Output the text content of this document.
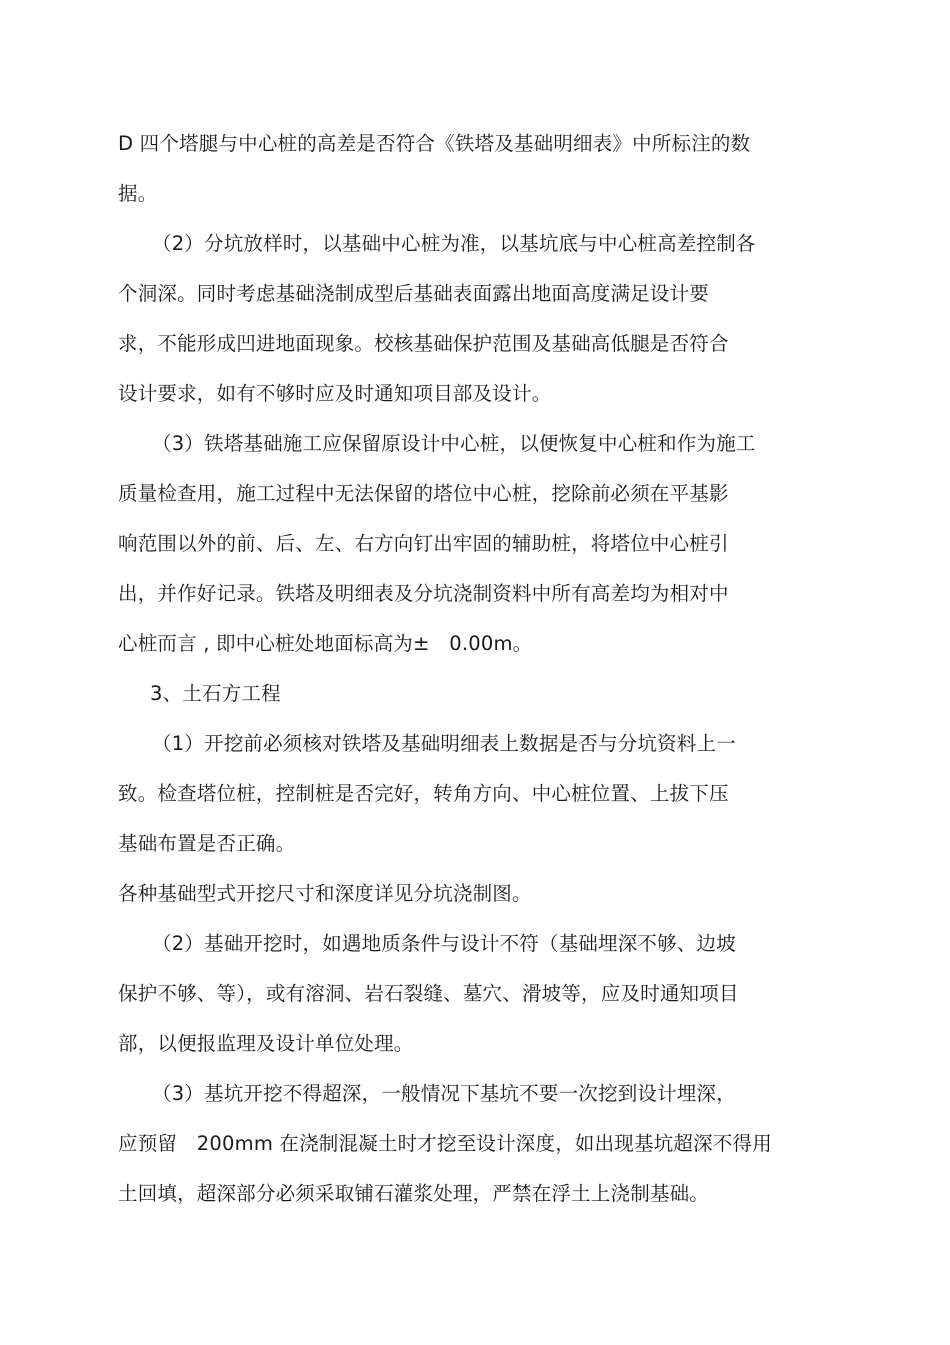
D 四个塔腿与中心桩的高差是否符合《铁塔及基础明细表》中所标注的数
据。
（2）分坑放样时，以基础中心桩为准，以基坑底与中心桩高差控制各
个洞深。同时考虑基础浇制成型后基础表面露出地面高度满足设计要
求，不能形成凹进地面现象。校核基础保护范围及基础高低腿是否符合
设计要求，如有不够时应及时通知项目部及设计。
（3）铁塔基础施工应保留原设计中心桩，以便恢复中心桩和作为施工
质量检查用，施工过程中无法保留的塔位中心桩，挖除前必须在平基影
响范围以外的前、后、左、右方向钉出牢固的辅助桩，将塔位中心桩引
出，并作好记录。铁塔及明细表及分坑浇制资料中所有高差均为相对中
心桩而言 , 即中心桩处地面标高为±　0.00m。
3、土石方工程
（1）开挖前必须核对铁塔及基础明细表上数据是否与分坑资料上一
致。检查塔位桩，控制桩是否完好，转角方向、中心桩位置、上拔下压
基础布置是否正确。
各种基础型式开挖尺寸和深度详见分坑浇制图。
（2）基础开挖时，如遇地质条件与设计不符（基础埋深不够、边坡
保护不够、等），或有溶洞、岩石裂缝、墓穴、滑坡等，应及时通知项目
部，以便报监理及设计单位处理。
（3）基坑开挖不得超深，一般情况下基坑不要一次挖到设计埋深，
应预留　200mm 在浇制混凝土时才挖至设计深度，如出现基坑超深不得用
土回填，超深部分必须采取铺石灌浆处理，严禁在浮土上浇制基础。
